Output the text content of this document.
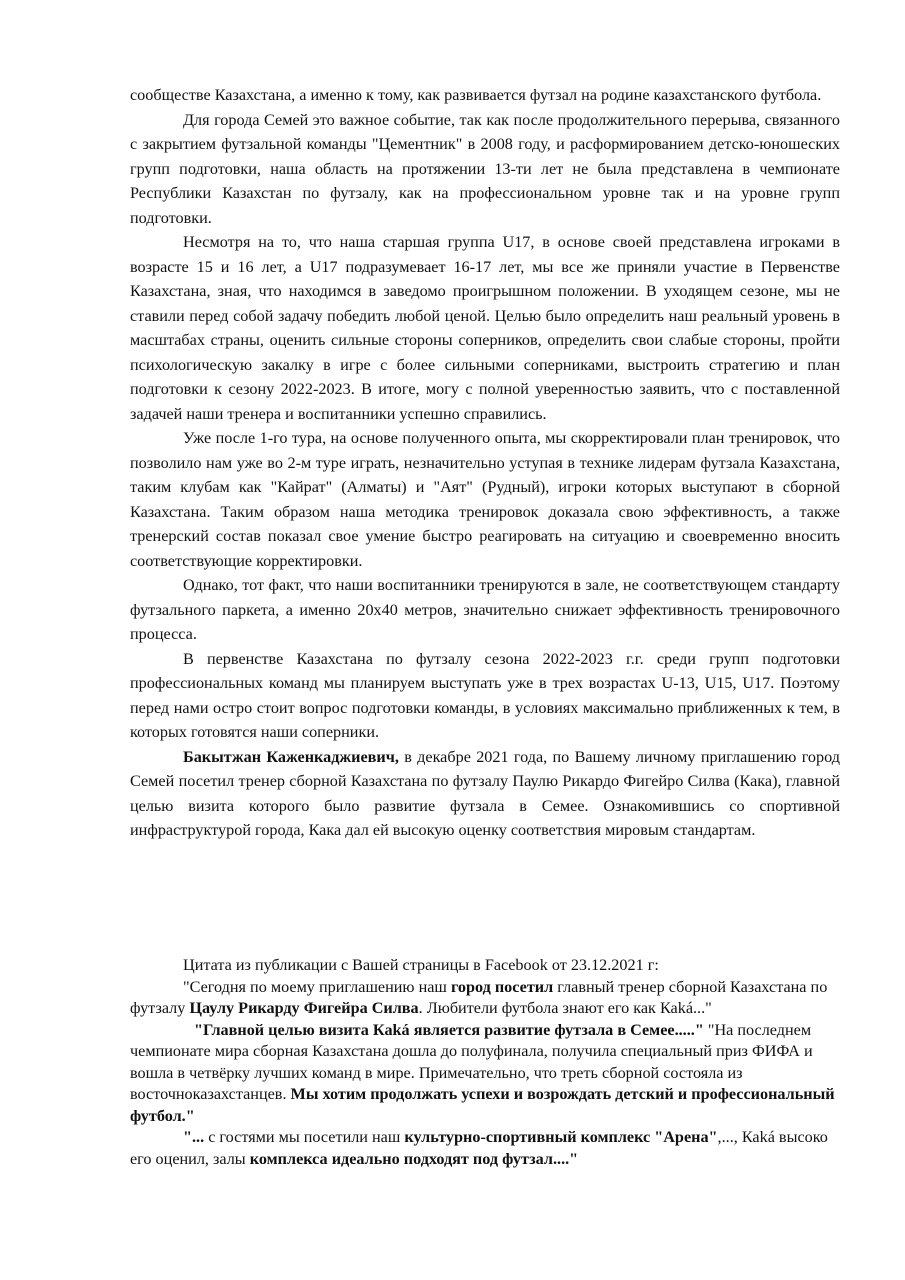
сообществе Казахстана, а именно к тому, как развивается футзал на родине казахстанского футбола.

Для города Семей это важное событие, так как после продолжительного перерыва, связанного с закрытием футзальной команды "Цементник" в 2008 году, и расформированием детско-юношеских групп подготовки, наша область на протяжении 13-ти лет не была представлена в чемпионате Республики Казахстан по футзалу, как на профессиональном уровне так и на уровне групп подготовки.

Несмотря на то, что наша старшая группа U17, в основе своей представлена игроками в возрасте 15 и 16 лет, а U17 подразумевает 16-17 лет, мы все же приняли участие в Первенстве Казахстана, зная, что находимся в заведомо проигрышном положении. В уходящем сезоне, мы не ставили перед собой задачу победить любой ценой. Целью было определить наш реальный уровень в масштабах страны, оценить сильные стороны соперников, определить свои слабые стороны, пройти психологическую закалку в игре с более сильными соперниками, выстроить стратегию и план подготовки к сезону 2022-2023. В итоге, могу с полной уверенностью заявить, что с поставленной задачей наши тренера и воспитанники успешно справились.

Уже после 1-го тура, на основе полученного опыта, мы скорректировали план тренировок, что позволило нам уже во 2-м туре играть, незначительно уступая в технике лидерам футзала Казахстана, таким клубам как "Кайрат" (Алматы) и "Аят" (Рудный), игроки которых выступают в сборной Казахстана. Таким образом наша методика тренировок доказала свою эффективность, а также тренерский состав показал свое умение быстро реагировать на ситуацию и своевременно вносить соответствующие корректировки.

Однако, тот факт, что наши воспитанники тренируются в зале, не соответствующем стандарту футзального паркета, а именно 20х40 метров, значительно снижает эффективность тренировочного процесса.

В первенстве Казахстана по футзалу сезона 2022-2023 г.г. среди групп подготовки профессиональных команд мы планируем выступать уже в трех возрастах U-13, U15, U17. Поэтому перед нами остро стоит вопрос подготовки команды, в условиях максимально приближенных к тем, в которых готовятся наши соперники.

Бакытжан Каженкаджиевич, в декабре 2021 года, по Вашему личному приглашению город Семей посетил тренер сборной Казахстана по футзалу Паулю Рикардо Фигейро Силва (Кака), главной целью визита которого было развитие футзала в Семее. Ознакомившись со спортивной инфраструктурой города, Кака дал ей высокую оценку соответствия мировым стандартам.

Цитата из публикации с Вашей страницы в Facebook от 23.12.2021 г:

"Сегодня по моему приглашению наш город посетил главный тренер сборной Казахстана по футзалу Цаулу Рикарду Фигейра Силва. Любители футбола знают его как Каká..."

"Главной целью визита Каká является развитие футзала в Семее....." "На последнем чемпионате мира сборная Казахстана дошла до полуфинала, получила специальный приз ФИФА и вошла в четвёрку лучших команд в мире. Примечательно, что треть сборной состояла из восточноказахстанцев. Мы хотим продолжать успехи и возрождать детский и профессиональный футбол."

"... с гостями мы посетили наш культурно-спортивный комплекс "Арена",..., Каká высоко его оценил, залы комплекса идеально подходят под футзал...."
